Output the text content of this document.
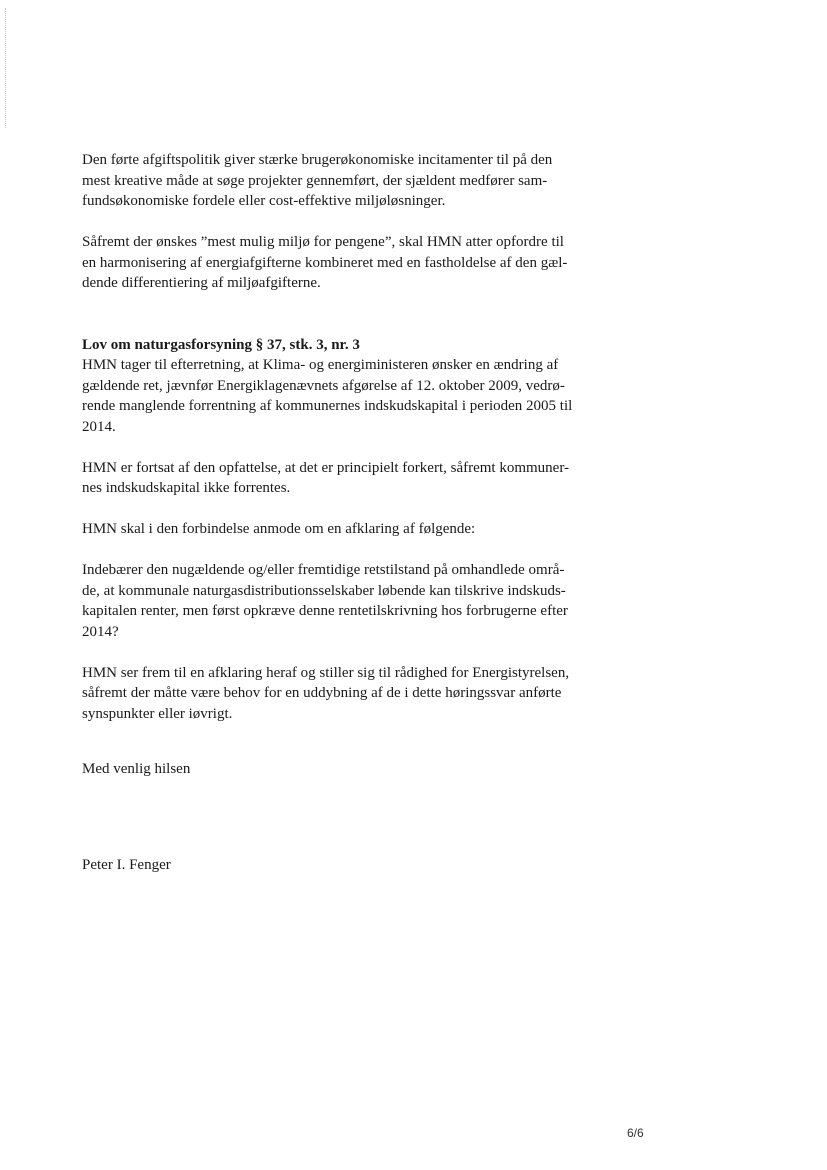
Den førte afgiftspolitik giver stærke brugerøkonomiske incitamenter til på den
mest kreative måde at søge projekter gennemført, der sjældent medfører sam-
fundsøkonomiske fordele eller cost-effektive miljøløsninger.
Såfremt der ønskes ”mest mulig miljø for pengene”, skal HMN atter opfordre til
en harmonisering af energiafgifterne kombineret med en fastholdelse af den gæl-
dende differentiering af miljøafgifterne.
Lov om naturgasforsyning § 37, stk. 3, nr. 3
HMN tager til efterretning, at Klima- og energiministeren ønsker en ændring af
gældende ret, jævnfør Energiklagenævnets afgørelse af 12. oktober 2009, vedrø-
rende manglende forrentning af kommunernes indskudskapital i perioden 2005 til
2014.
HMN er fortsat af den opfattelse, at det er principielt forkert, såfremt kommuner-
nes indskudskapital ikke forrentes.
HMN skal i den forbindelse anmode om en afklaring af følgende:
Indebærer den nugældende og/eller fremtidige retstilstand på omhandlede områ-
de, at kommunale naturgasdistributionsselskaber løbende kan tilskrive indskuds-
kapitalen renter, men først opkræve denne rentetilskrivning hos forbrugerne efter
2014?
HMN ser frem til en afklaring heraf og stiller sig til rådighed for Energistyrelsen,
såfremt der måtte være behov for en uddybning af de i dette høringssvar anførte
synspunkter eller iøvrigt.
Med venlig hilsen
Peter I. Fenger
6/6
